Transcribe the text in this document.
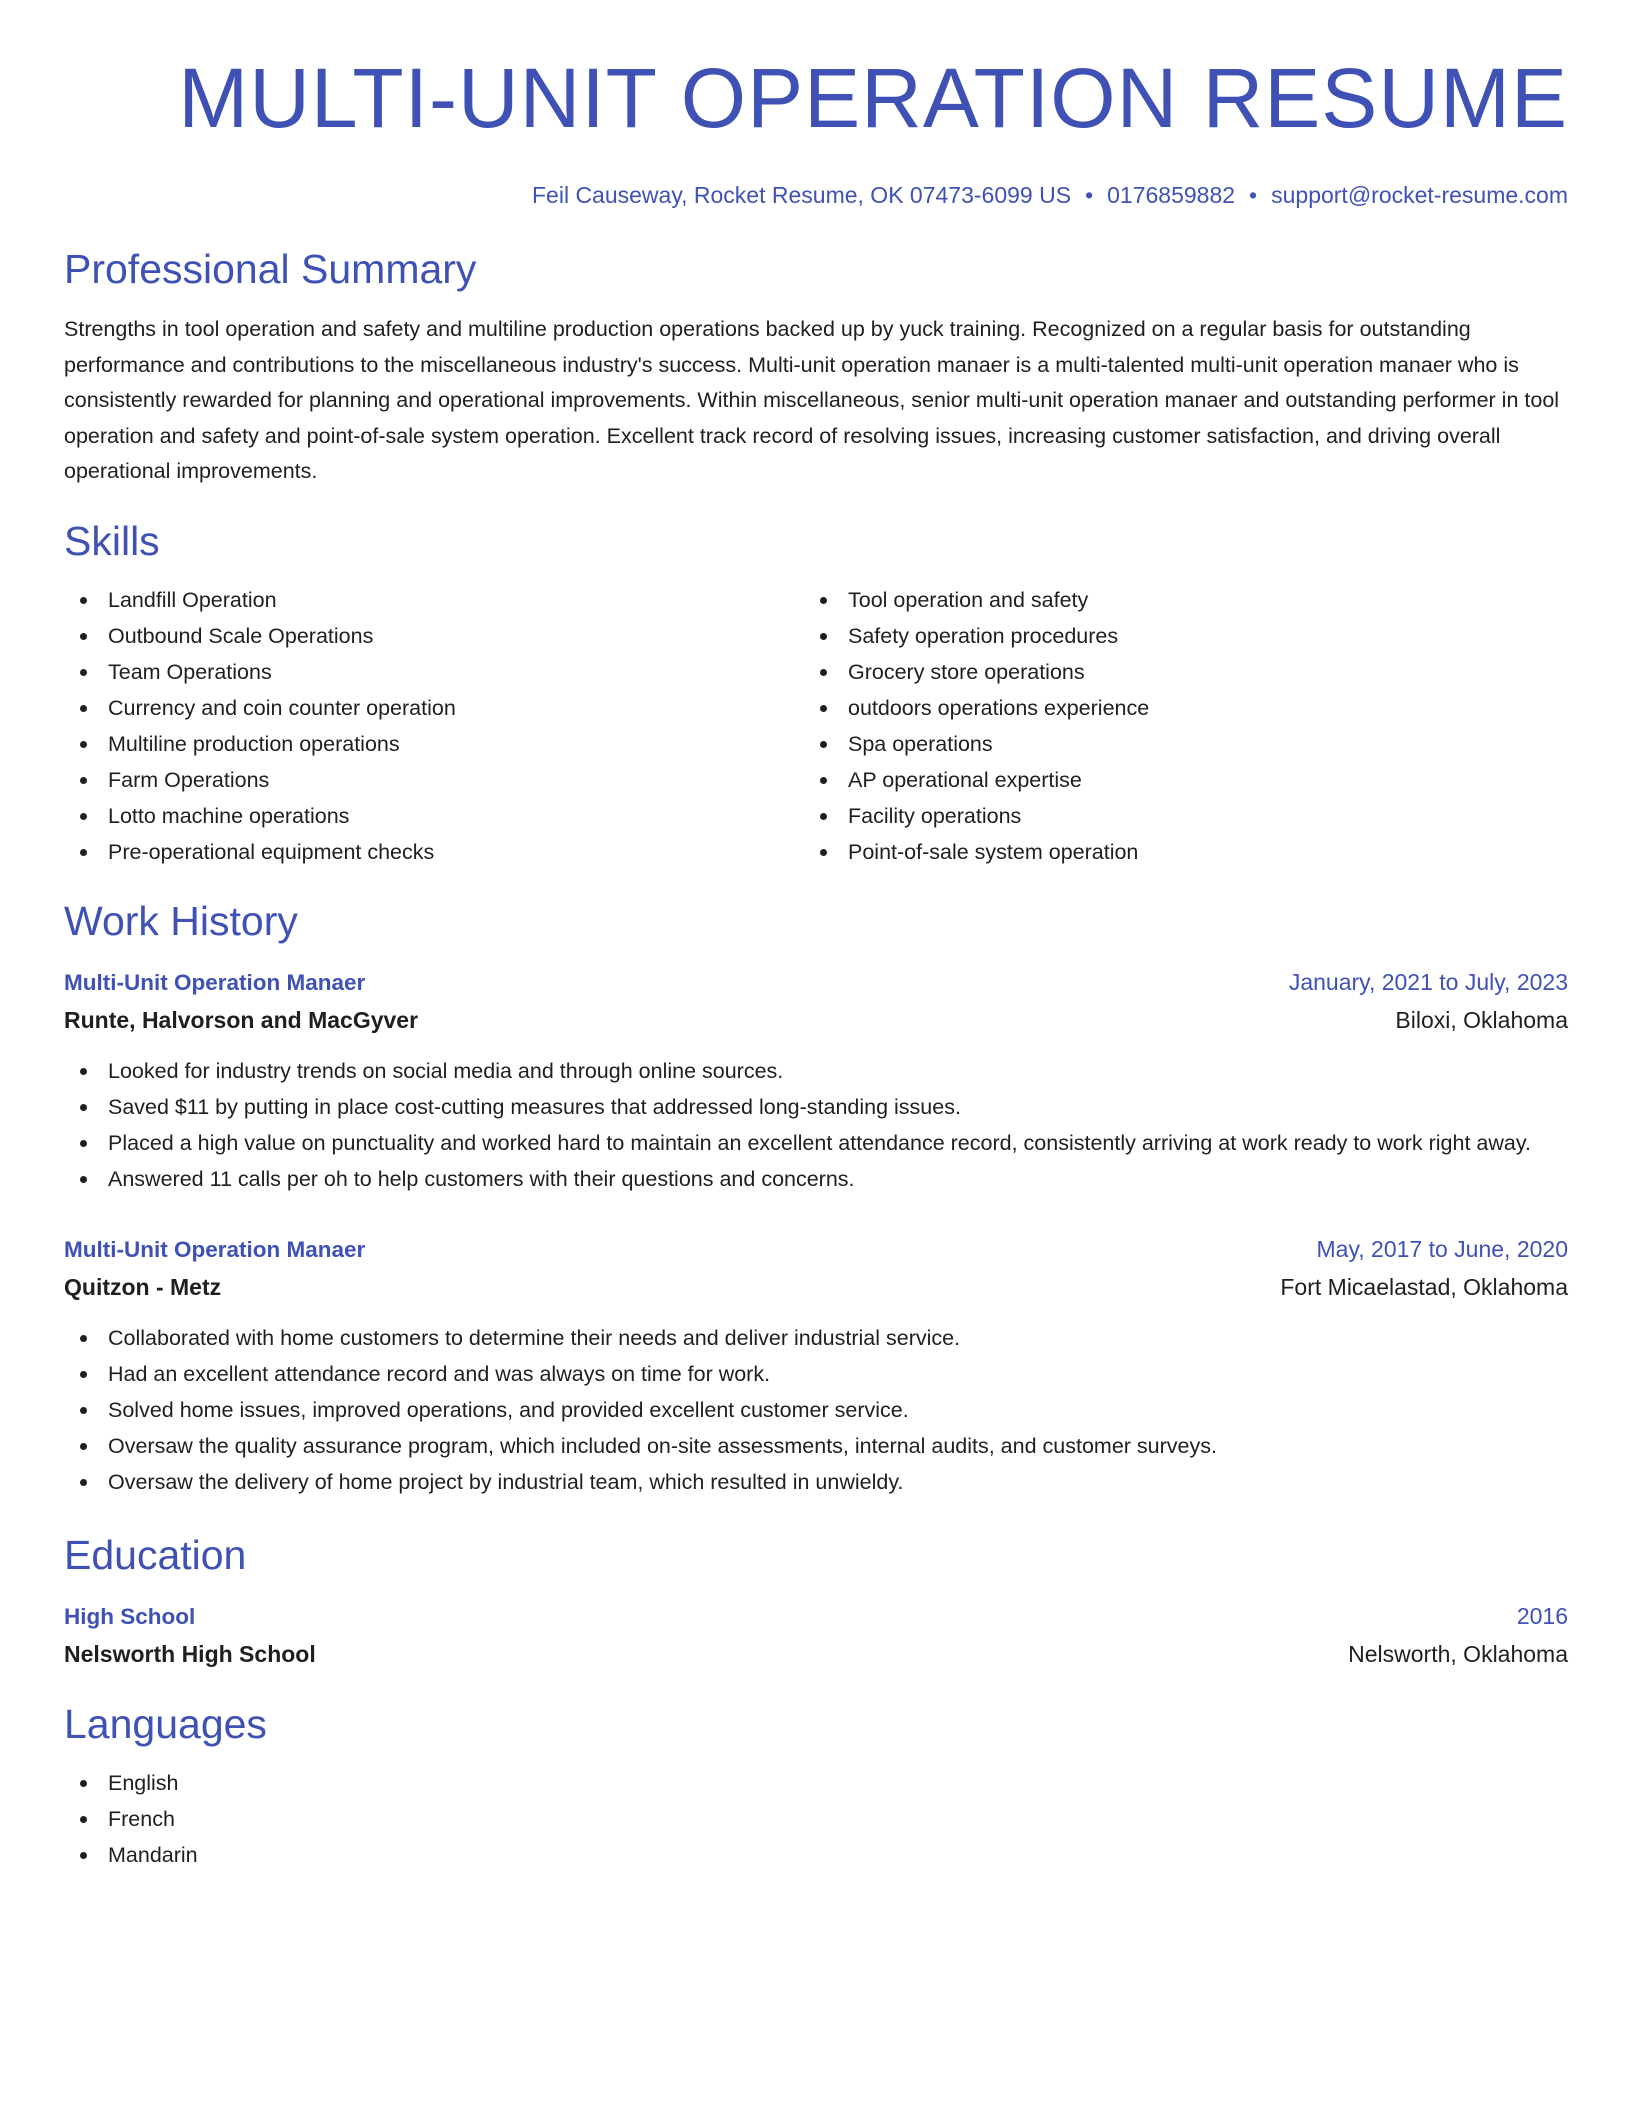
MULTI-UNIT OPERATION RESUME
Feil Causeway, Rocket Resume, OK 07473-6099 US • 0176859882 • support@rocket-resume.com
Professional Summary
Strengths in tool operation and safety and multiline production operations backed up by yuck training. Recognized on a regular basis for outstanding performance and contributions to the miscellaneous industry's success. Multi-unit operation manaer is a multi-talented multi-unit operation manaer who is consistently rewarded for planning and operational improvements. Within miscellaneous, senior multi-unit operation manaer and outstanding performer in tool operation and safety and point-of-sale system operation. Excellent track record of resolving issues, increasing customer satisfaction, and driving overall operational improvements.
Skills
Landfill Operation
Outbound Scale Operations
Team Operations
Currency and coin counter operation
Multiline production operations
Farm Operations
Lotto machine operations
Pre-operational equipment checks
Tool operation and safety
Safety operation procedures
Grocery store operations
outdoors operations experience
Spa operations
AP operational expertise
Facility operations
Point-of-sale system operation
Work History
Multi-Unit Operation Manaer	January, 2021 to July, 2023
Runte, Halvorson and MacGyver	Biloxi, Oklahoma
Looked for industry trends on social media and through online sources.
Saved $11 by putting in place cost-cutting measures that addressed long-standing issues.
Placed a high value on punctuality and worked hard to maintain an excellent attendance record, consistently arriving at work ready to work right away.
Answered 11 calls per oh to help customers with their questions and concerns.
Multi-Unit Operation Manaer	May, 2017 to June, 2020
Quitzon - Metz	Fort Micaelastad, Oklahoma
Collaborated with home customers to determine their needs and deliver industrial service.
Had an excellent attendance record and was always on time for work.
Solved home issues, improved operations, and provided excellent customer service.
Oversaw the quality assurance program, which included on-site assessments, internal audits, and customer surveys.
Oversaw the delivery of home project by industrial team, which resulted in unwieldy.
Education
High School	2016
Nelsworth High School	Nelsworth, Oklahoma
Languages
English
French
Mandarin
